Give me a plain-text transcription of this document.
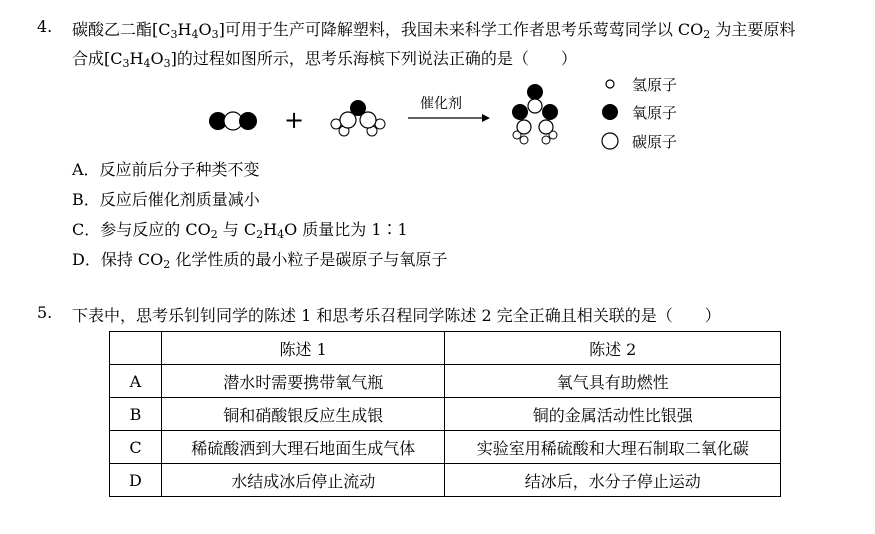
4. 碳酸乙二酯$[C_3H_4O_3]$可用于生产可降解塑料，我国未来科学工作者思考乐莺莺同学以 $CO_2$ 为主要原料
合成$[C_3H_4O_3]$的过程如图所示，思考乐海槟下列说法正确的是（　　）
+
催化剂
氢原子
氧原子
碳原子
A．反应前后分子种类不变
B．反应后催化剂质量减小
C．参与反应的 $CO_2$ 与 $C_2H_4O$ 质量比为 1∶1
D．保持 $CO_2$ 化学性质的最小粒子是碳原子与氧原子
5. 下表中，思考乐钊钊同学的陈述 1 和思考乐召程同学陈述 2 完全正确且相关联的是（　　）
	陈述 1	陈述 2
A	潜水时需要携带氧气瓶	氧气具有助燃性
B	铜和硝酸银反应生成银	铜的金属活动性比银强
C	稀硫酸洒到大理石地面生成气体	实验室用稀硫酸和大理石制取二氧化碳
D	水结成冰后停止流动	结冰后，水分子停止运动
